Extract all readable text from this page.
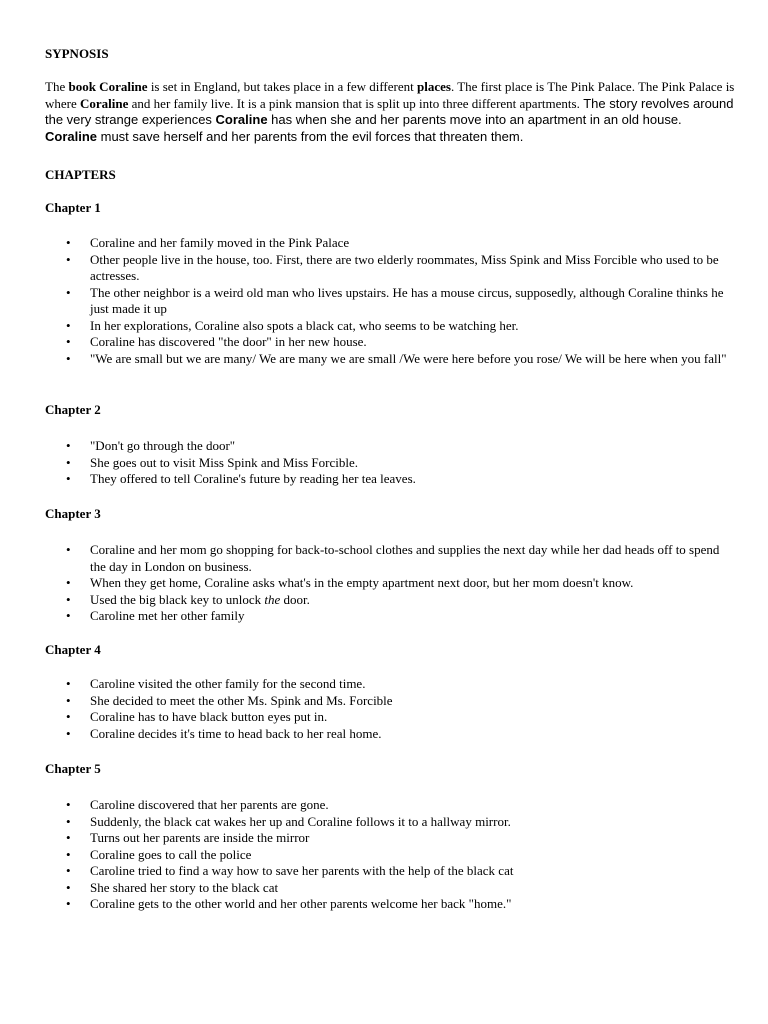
SYPNOSIS
The book Coraline is set in England, but takes place in a few different places. The first place is The Pink Palace. The Pink Palace is where Coraline and her family live. It is a pink mansion that is split up into three different apartments. The story revolves around the very strange experiences Coraline has when she and her parents move into an apartment in an old house. Coraline must save herself and her parents from the evil forces that threaten them.
CHAPTERS
Chapter 1
• Coraline and her family moved in the Pink Palace
• Other people live in the house, too. First, there are two elderly roommates, Miss Spink and Miss Forcible who used to be actresses.
• The other neighbor is a weird old man who lives upstairs. He has a mouse circus, supposedly, although Coraline thinks he just made it up
• In her explorations, Coraline also spots a black cat, who seems to be watching her.
• Coraline has discovered "the door" in her new house.
• "We are small but we are many/ We are many we are small /We were here before you rose/ We will be here when you fall"
Chapter 2
• "Don't go through the door"
• She goes out to visit Miss Spink and Miss Forcible.
• They offered to tell Coraline's future by reading her tea leaves.
Chapter 3
• Coraline and her mom go shopping for back-to-school clothes and supplies the next day while her dad heads off to spend the day in London on business.
• When they get home, Coraline asks what's in the empty apartment next door, but her mom doesn't know.
• Used the big black key to unlock the door.
• Caroline met her other family
Chapter 4
• Caroline visited the other family for the second time.
• She decided to meet the other Ms. Spink and Ms. Forcible
• Coraline has to have black button eyes put in.
• Coraline decides it's time to head back to her real home.
Chapter 5
• Caroline discovered that her parents are gone.
• Suddenly, the black cat wakes her up and Coraline follows it to a hallway mirror.
• Turns out her parents are inside the mirror
• Coraline goes to call the police
• Caroline tried to find a way how to save her parents with the help of the black cat
• She shared her story to the black cat
• Coraline gets to the other world and her other parents welcome her back "home."
